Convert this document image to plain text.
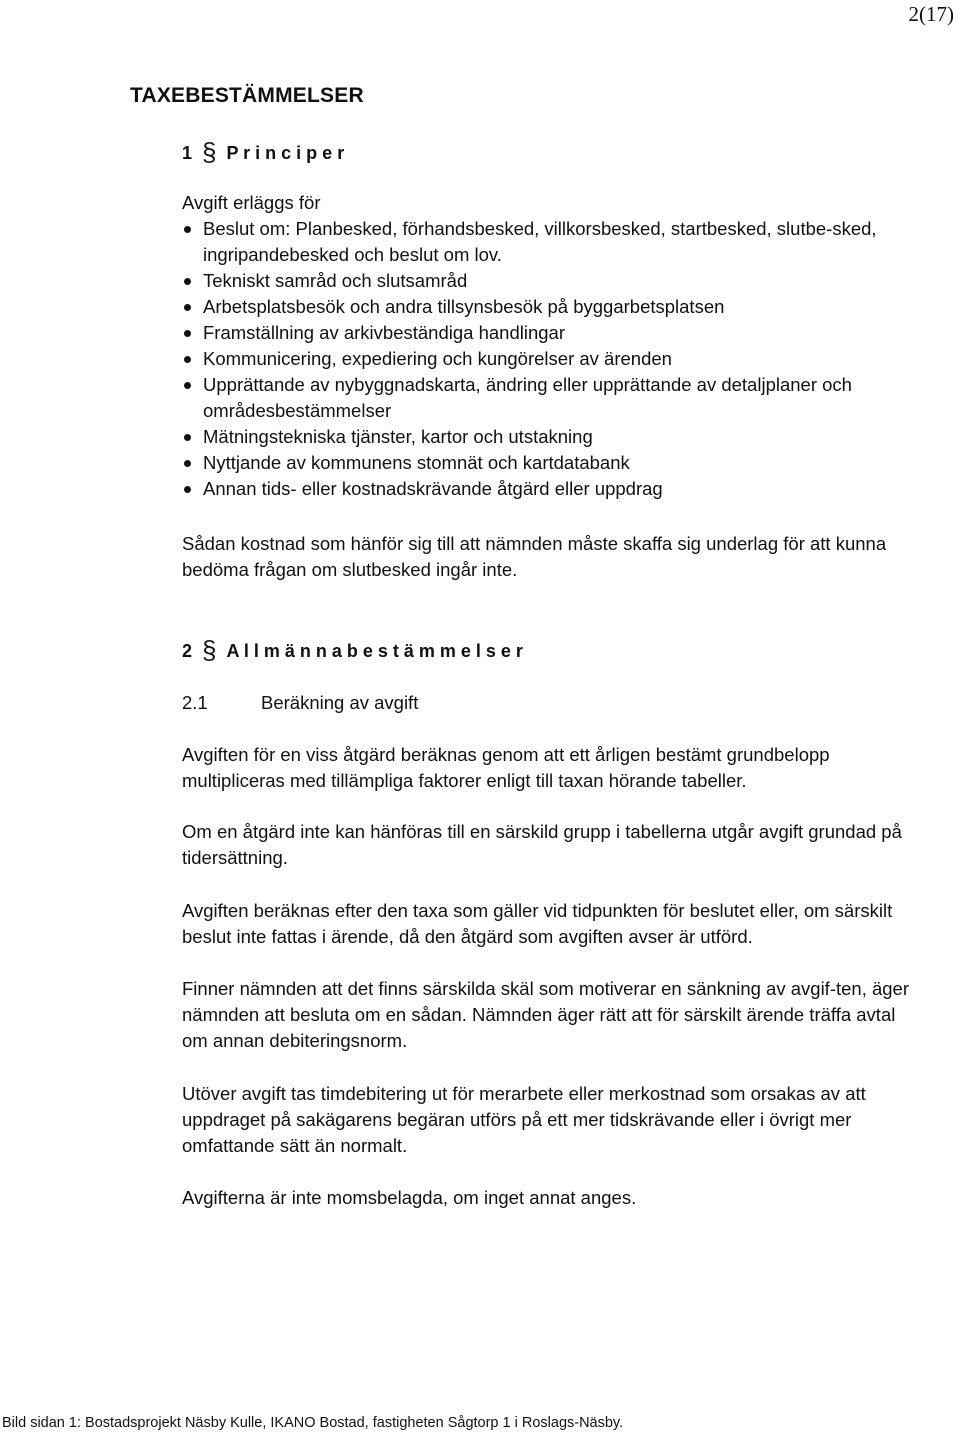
2(17)
TAXEBESTÄMMELSER
1 § P r i n c i p e r

Avgift erläggs för

Beslut om: Planbesked, förhandsbesked, villkorsbesked, startbesked, slutbe-sked, ingripandebesked och beslut om lov.
Tekniskt samråd och slutsamråd
Arbetsplatsbesök och andra tillsynsbesök på byggarbetsplatsen
Framställning av arkivbeständiga handlingar
Kommunicering, expediering och kungörelser av ärenden
Upprättande av nybyggnadskarta, ändring eller upprättande av detaljplaner och områdesbestämmelser
Mätningstekniska tjänster, kartor och utstakning
Nyttjande av kommunens stomnät och kartdatabank
Annan tids- eller kostnadskrävande åtgärd eller uppdrag

Sådan kostnad som hänför sig till att nämnden måste skaffa sig underlag för att kunna bedöma frågan om slutbesked ingår inte.

2 § A l l m ä n n a b e s t ä m m e l s e r
2.1	Beräkning av avgift

Avgiften för en viss åtgärd beräknas genom att ett årligen bestämt grundbelopp multipliceras med tillämpliga faktorer enligt till taxan hörande tabeller.

Om en åtgärd inte kan hänföras till en särskild grupp i tabellerna utgår avgift grundad på tidersättning.

Avgiften beräknas efter den taxa som gäller vid tidpunkten för beslutet eller, om särskilt beslut inte fattas i ärende, då den åtgärd som avgiften avser är utförd.

Finner nämnden att det finns särskilda skäl som motiverar en sänkning av avgif-ten, äger nämnden att besluta om en sådan. Nämnden äger rätt att för särskilt ärende träffa avtal om annan debiteringsnorm.

Utöver avgift tas timdebitering ut för merarbete eller merkostnad som orsakas av att uppdraget på sakägarens begäran utförs på ett mer tidskrävande eller i övrigt mer omfattande sätt än normalt.

Avgifterna är inte momsbelagda, om inget annat anges.

Bild sidan 1: Bostadsprojekt Näsby Kulle, IKANO Bostad, fastigheten Sågtorp 1 i Roslags-Näsby.
